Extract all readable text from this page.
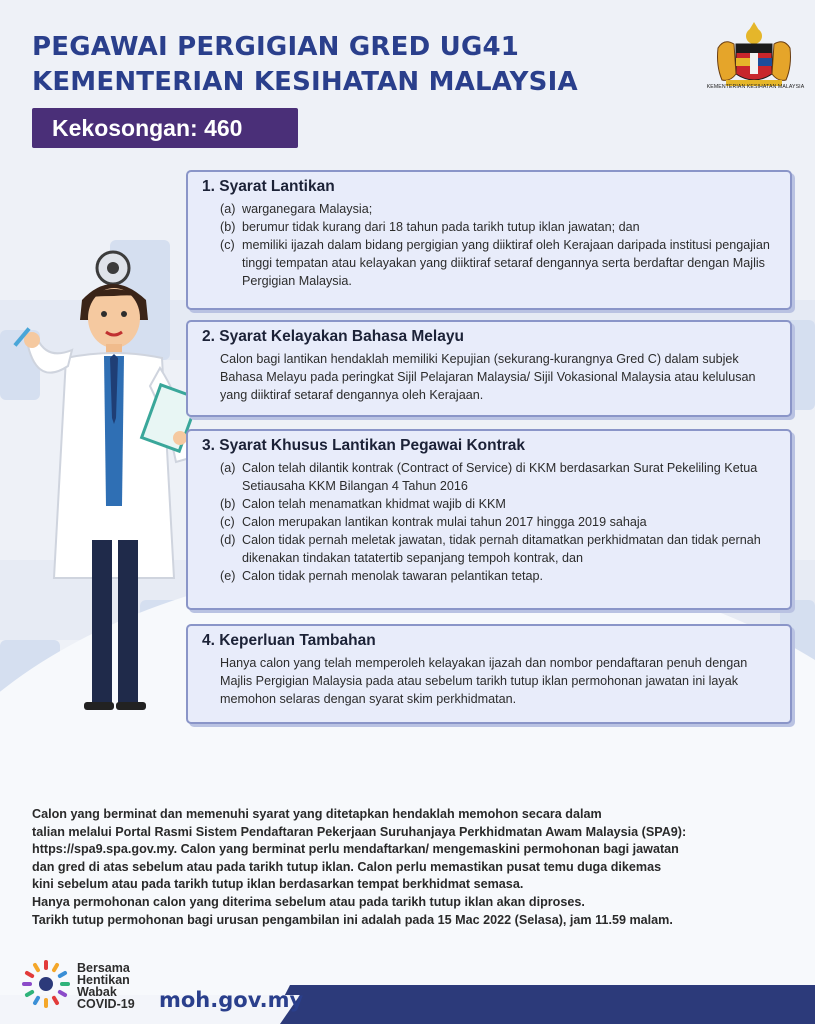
PEGAWAI PERGIGIAN GRED UG41
KEMENTERIAN KESIHATAN MALAYSIA
Kekosongan: 460
KEMENTERIAN KESIHATAN MALAYSIA
1. Syarat Lantikan
(a) warganegara Malaysia;
(b) berumur tidak kurang dari 18 tahun pada tarikh tutup iklan jawatan; dan
(c) memiliki ijazah dalam bidang pergigian yang diiktiraf oleh Kerajaan daripada institusi pengajian tinggi tempatan atau kelayakan yang diiktiraf setaraf dengannya serta berdaftar dengan Majlis Pergigian Malaysia.
2. Syarat Kelayakan Bahasa Melayu
Calon bagi lantikan hendaklah memiliki Kepujian (sekurang-kurangnya Gred C) dalam subjek Bahasa Melayu pada peringkat Sijil Pelajaran Malaysia/ Sijil Vokasional Malaysia atau kelulusan yang diiktiraf setaraf dengannya oleh Kerajaan.
3. Syarat Khusus Lantikan Pegawai Kontrak
(a) Calon telah dilantik kontrak (Contract of Service) di KKM berdasarkan Surat Pekeliling Ketua Setiausaha KKM Bilangan 4 Tahun 2016
(b) Calon telah menamatkan khidmat wajib di KKM
(c) Calon merupakan lantikan kontrak mulai tahun 2017 hingga 2019 sahaja
(d) Calon tidak pernah meletak jawatan, tidak pernah ditamatkan perkhidmatan dan tidak pernah dikenakan tindakan tatatertib sepanjang tempoh kontrak, dan
(e) Calon tidak pernah menolak tawaran pelantikan tetap.
4. Keperluan Tambahan
Hanya calon yang telah memperoleh kelayakan ijazah dan nombor pendaftaran penuh dengan Majlis Pergigian Malaysia pada atau sebelum tarikh tutup iklan permohonan jawatan ini layak memohon selaras dengan syarat skim perkhidmatan.

Calon yang berminat dan memenuhi syarat yang ditetapkan hendaklah memohon secara dalam
talian melalui Portal Rasmi Sistem Pendaftaran Pekerjaan Suruhanjaya Perkhidmatan Awam Malaysia (SPA9):
https://spa9.spa.gov.my. Calon yang berminat perlu mendaftarkan/ mengemaskini permohonan bagi jawatan
dan gred di atas sebelum atau pada tarikh tutup iklan. Calon perlu memastikan pusat temu duga dikemas
kini sebelum atau pada tarikh tutup iklan berdasarkan tempat berkhidmat semasa.
Hanya permohonan calon yang diterima sebelum atau pada tarikh tutup iklan akan diproses.
Tarikh tutup permohonan bagi urusan pengambilan ini adalah pada 15 Mac 2022 (Selasa), jam 11.59 malam.

Bersama
Hentikan
Wabak
COVID-19 moh.gov.my
